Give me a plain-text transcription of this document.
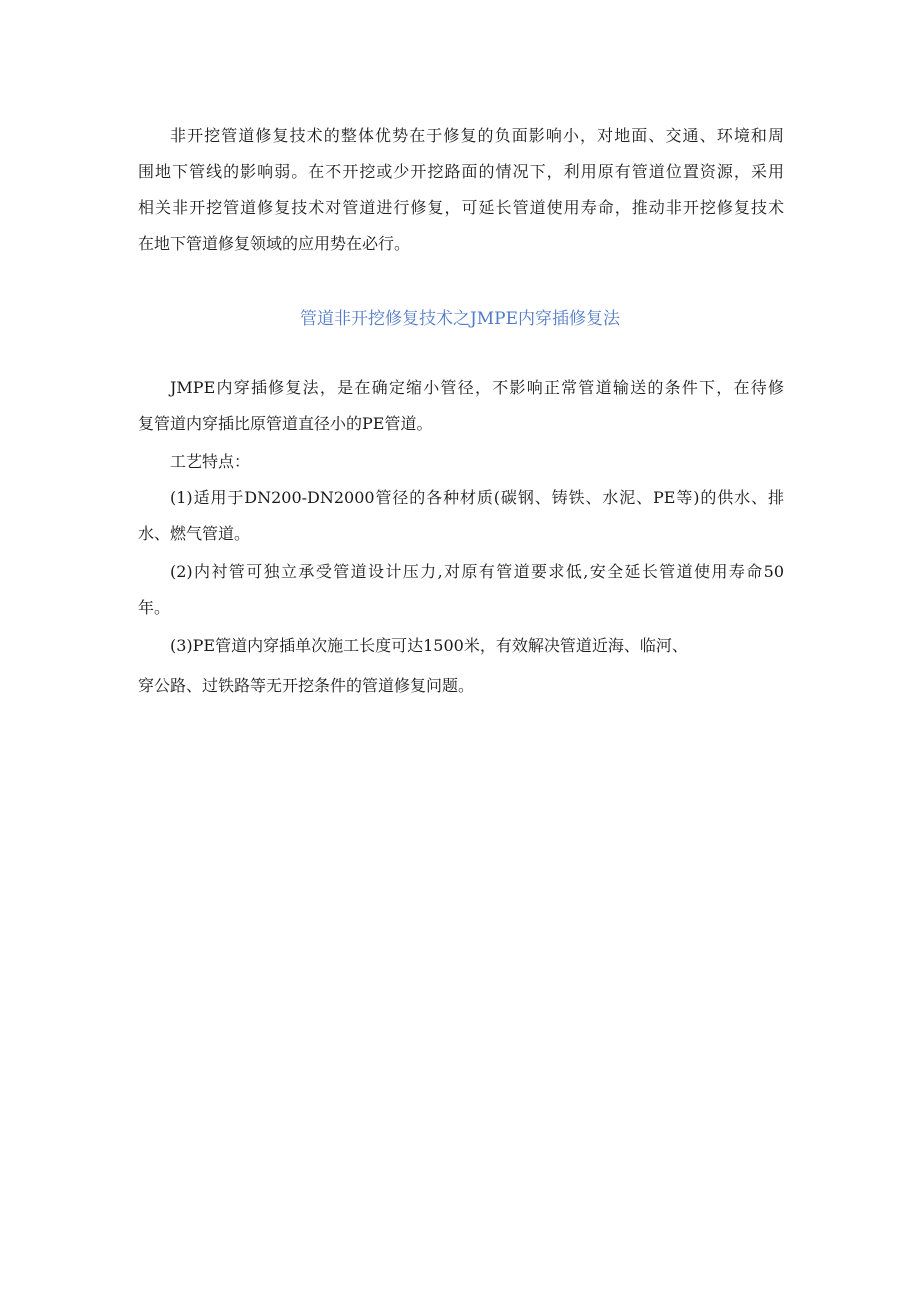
非开挖管道修复技术的整体优势在于修复的负面影响小，对地面、交通、环境和周
围地下管线的影响弱。在不开挖或少开挖路面的情况下，利用原有管道位置资源，采用
相关非开挖管道修复技术对管道进行修复，可延长管道使用寿命，推动非开挖修复技术
在地下管道修复领域的应用势在必行。
管道非开挖修复技术之JMPE内穿插修复法
JMPE内穿插修复法，是在确定缩小管径，不影响正常管道输送的条件下，在待修
复管道内穿插比原管道直径小的PE管道。
工艺特点：
(1)适用于DN200-DN2000管径的各种材质(碳钢、铸铁、水泥、PE等)的供水、排
水、燃气管道。
(2)内衬管可独立承受管道设计压力,对原有管道要求低,安全延长管道使用寿命50
年。
(3)PE管道内穿插单次施工长度可达1500米，有效解决管道近海、临河、
穿公路、过铁路等无开挖条件的管道修复问题。
